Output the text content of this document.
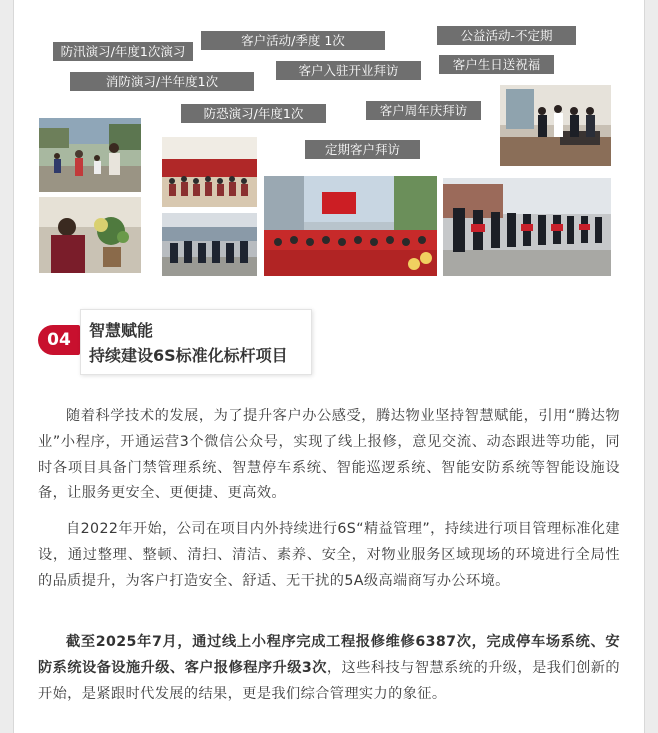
防汛演习/年度1次演习
客户活动/季度 1次	公益活动-不定期
消防演习/半年度1次
客户入驻开业拜访	客户生日送祝福
防恐演习/年度1次	客户周年庆拜访
定期客户拜访
04	智慧赋能
持续建设6S标准化标杆项目

随着科学技术的发展，为了提升客户办公感受，腾达物业坚持智慧赋能，引用“腾达物业”小程序，开通运营3个微信公众号，实现了线上报修，意见交流、动态跟进等功能，同时各项目具备门禁管理系统、智慧停车系统、智能巡逻系统、智能安防系统等智能设施设备，让服务更安全、更便捷、更高效。

自2022年开始，公司在项目内外持续进行6S“精益管理”，持续进行项目管理标准化建设，通过整理、整顿、清扫、清洁、素养、安全，对物业服务区域现场的环境进行全局性的品质提升，为客户打造安全、舒适、无干扰的5A级高端商写办公环境。

截至2025年7月，通过线上小程序完成工程报修维修6387次，完成停车场系统、安防系统设备设施升级、客户报修程序升级3次，这些科技与智慧系统的升级，是我们创新的开始，是紧跟时代发展的结果，更是我们综合管理实力的象征。
